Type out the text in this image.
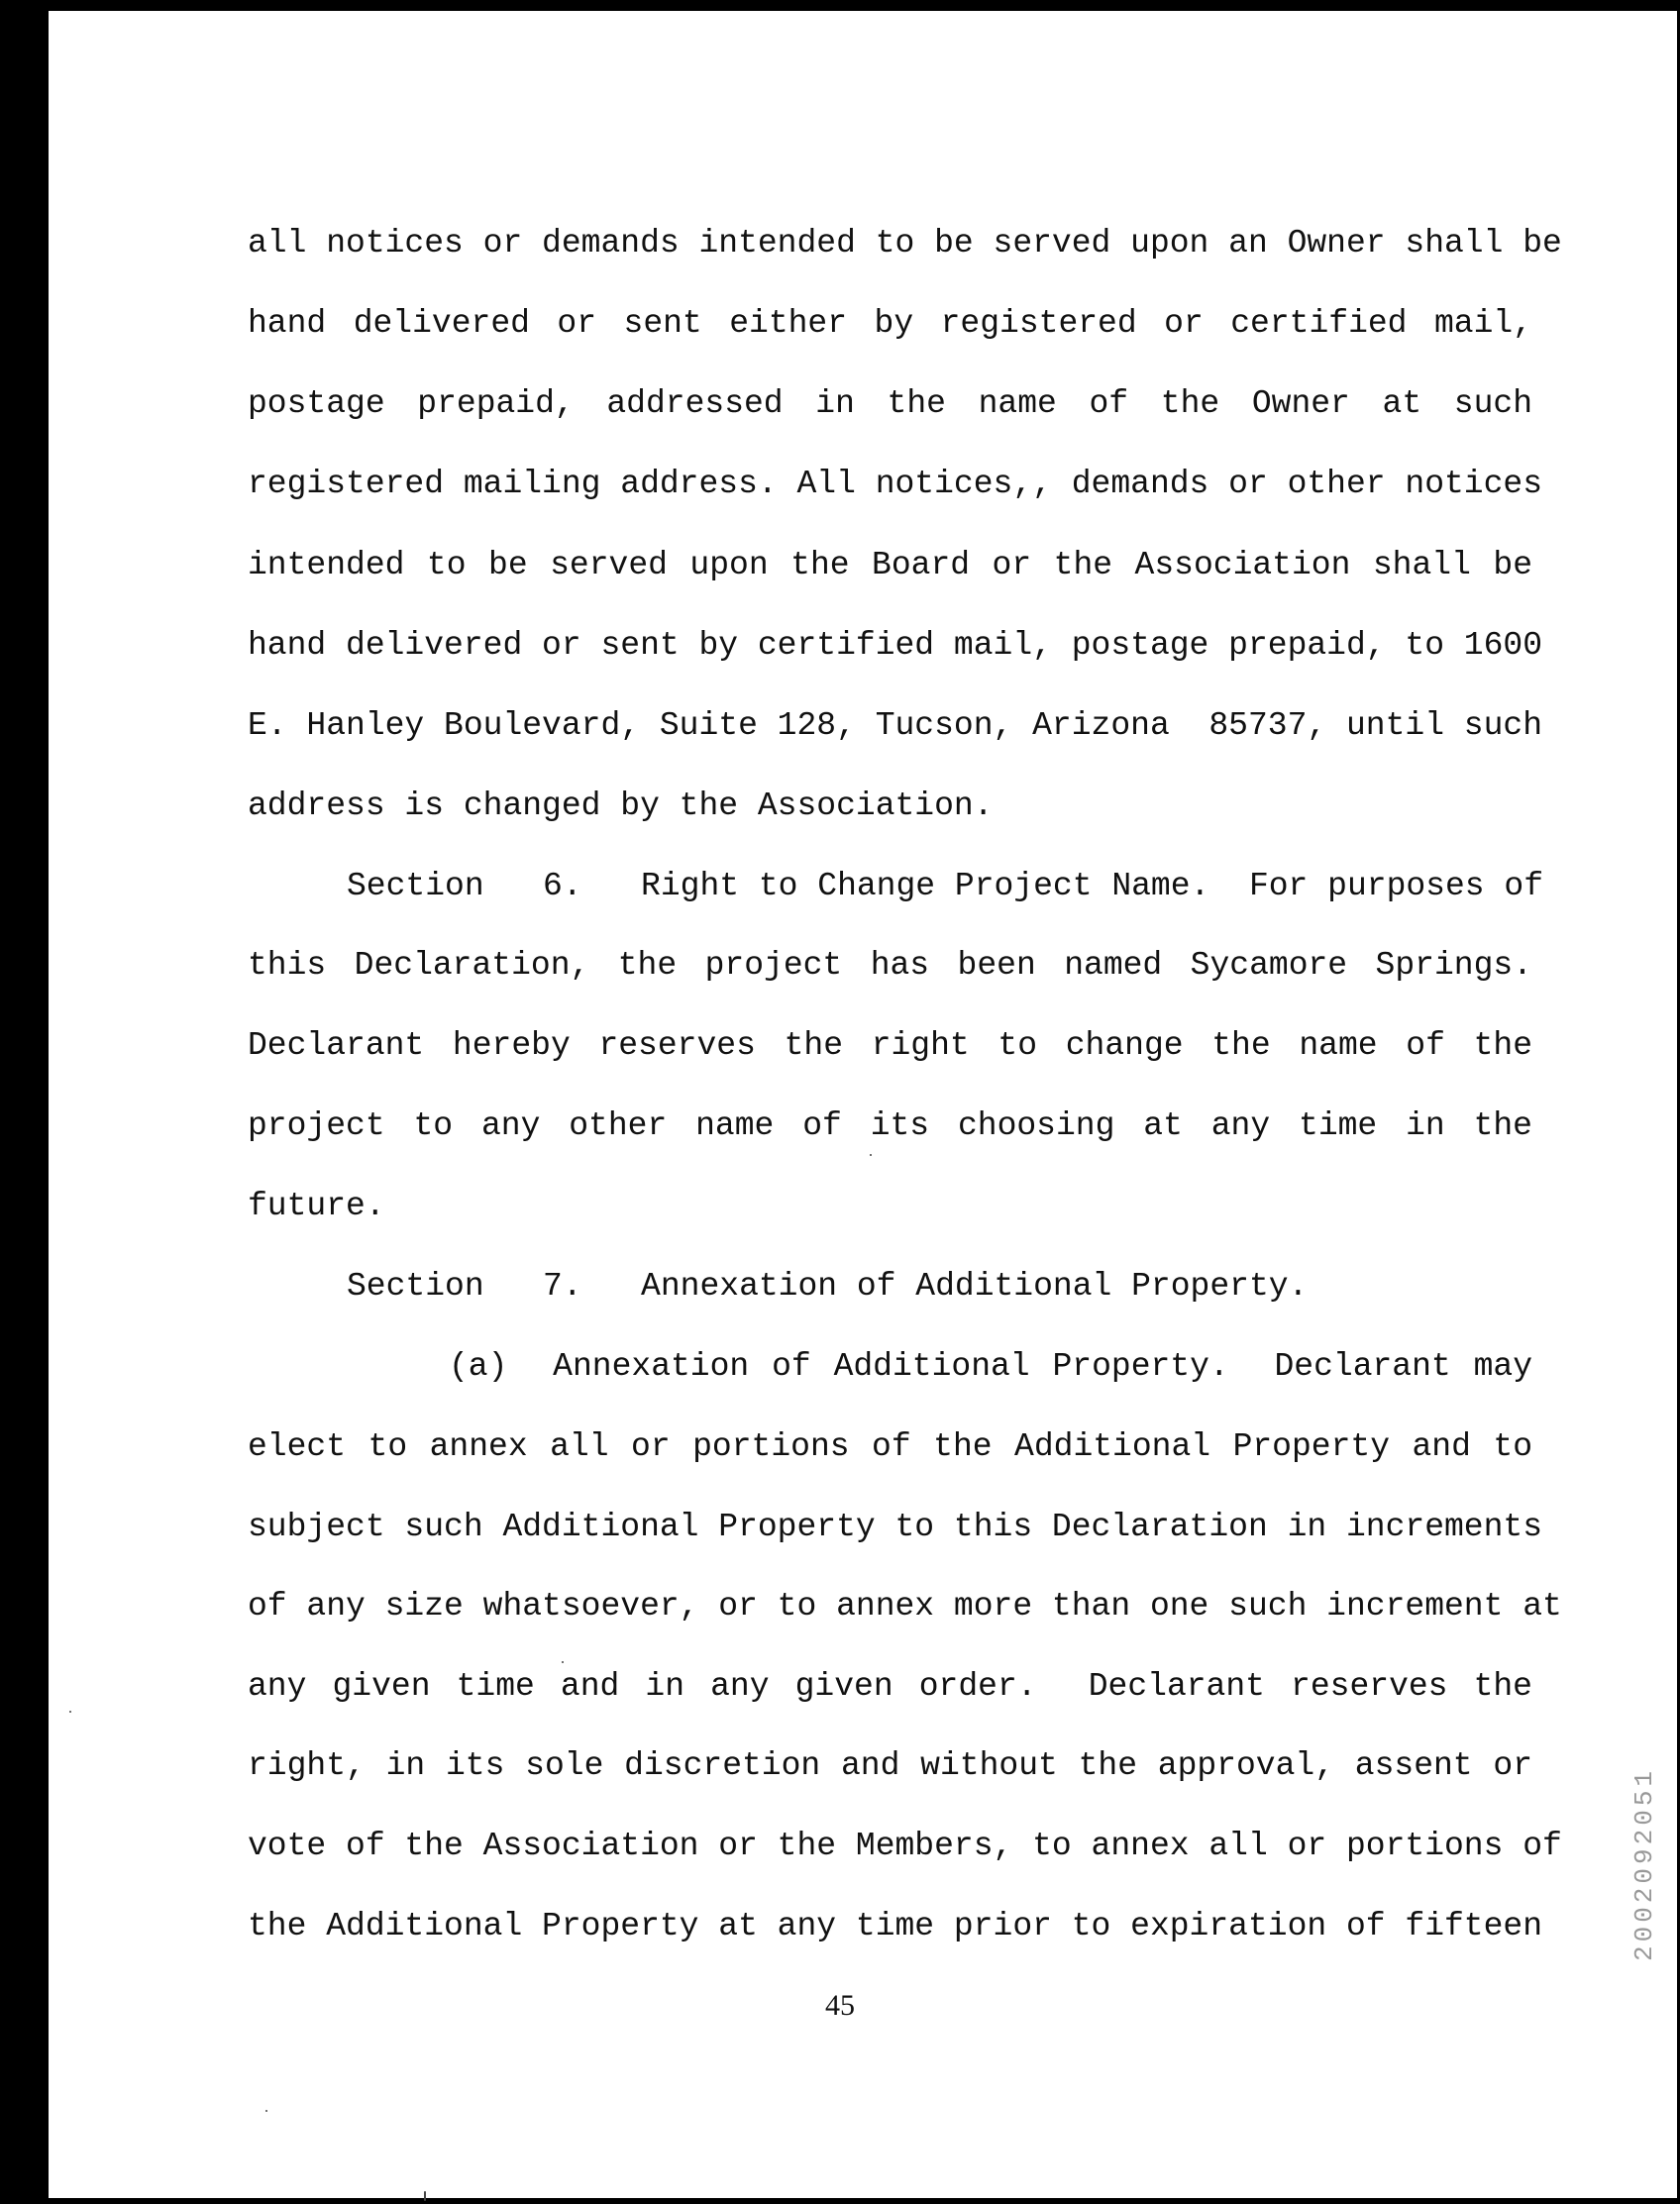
all notices or demands intended to be served upon an Owner shall be
hand delivered or sent either by registered or certified mail,
postage prepaid, addressed in the name of the Owner at such
registered mailing address. All notices,, demands or other notices
intended to be served upon the Board or the Association shall be
hand delivered or sent by certified mail, postage prepaid, to 1600
E. Hanley Boulevard, Suite 128, Tucson, Arizona  85737, until such
address is changed by the Association.
Section   6.   Right to Change Project Name.  For purposes of
this Declaration, the project has been named Sycamore Springs.
Declarant hereby reserves the right to change the name of the
project to any other name of its choosing at any time in the
future.
Section   7.   Annexation of Additional Property.
(a)  Annexation of Additional Property.  Declarant may
elect to annex all or portions of the Additional Property and to
subject such Additional Property to this Declaration in increments
of any size whatsoever, or to annex more than one such increment at
any given time and in any given order.  Declarant reserves the
right, in its sole discretion and without the approval, assent or
vote of the Association or the Members, to annex all or portions of
the Additional Property at any time prior to expiration of fifteen
45
2002092051
